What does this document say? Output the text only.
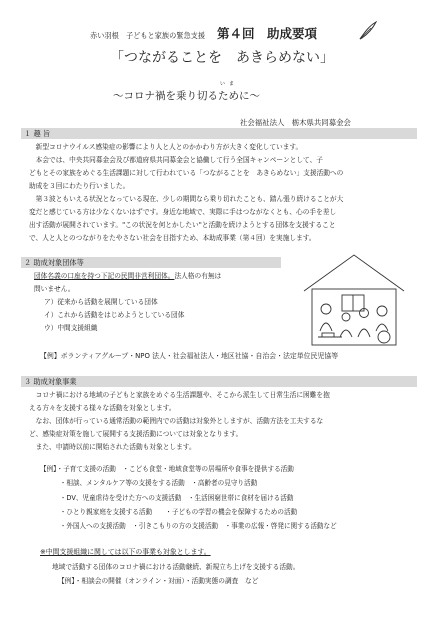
赤い羽根　子どもと家族の緊急支援 第４回　助成要項
「つながることを　あきらめない」
いま
〜コロナ禍を乗り切るために〜
社会福祉法人　栃木県共同募金会
１ 趣 旨

　新型コロナウイルス感染症の影響により人と人とのかかわり方が大きく変化しています。

　本会では、中央共同募金会及び都道府県共同募金会と協働して行う全国キャンペーンとして、子

どもとその家族をめぐる生活課題に対して行われている「つながることを　あきらめない」支援活動への

助成を３回にわたり行いました。

　第３波ともいえる状況となっている現在、少しの期間なら乗り切れたことも、踏ん張り続けることが大

変だと感じている方は少なくないはずです。身近な地域で、実際に手はつながなくとも、心の手を差し

出す活動が展開されています。"この状況を何とかしたい"と活動を続けようとする団体を支援すること

で、人と人とのつながりをたやさない社会を目指すため、本助成事業（第４回）を実施します。

２ 助成対象団体等

団体名義の口座を持つ下記の民間非営利団体。法人格の有無は

問いません。

ア）従来から活動を展開している団体

イ）これから活動をはじめようとしている団体

ウ）中間支援組織

【例】ボランティアグループ・NPO 法人・社会福祉法人・地区社協・自治会・法定単位民児協等
３ 助成対象事業

　コロナ禍における地域の子どもと家族をめぐる生活課題や、そこから派生して日常生活に困難を抱

える方々を支援する様々な活動を対象とします。

　なお、団体が行っている通常活動の範囲内での活動は対象外としますが、活動方法を工夫するな

ど、感染症対策を施して展開する支援活動については対象となります。

　また、申請時以前に開始された活動も対象とします。

【例】・子育て支援の活動　・こども食堂・地域食堂等の居場所や食事を提供する活動
　　　・相談、メンタルケア等の支援をする活動　・高齢者の見守り活動
　　　・DV、児童虐待を受けた方への支援活動　・生活困窮世帯に食材を届ける活動
　　　・ひとり親家庭を支援する活動　　・子どもの学習の機会を保障するための活動
　　　・外国人への支援活動　・引きこもりの方の支援活動　・事業の広報・啓発に関する活動など
※中間支援組織に関しては以下の事業も対象とします。
地域で活動する団体のコロナ禍における活動継続、新規立ち上げを支援する活動。
【例】・相談会の開催（オンライン・対面）・活動実態の調査　など
